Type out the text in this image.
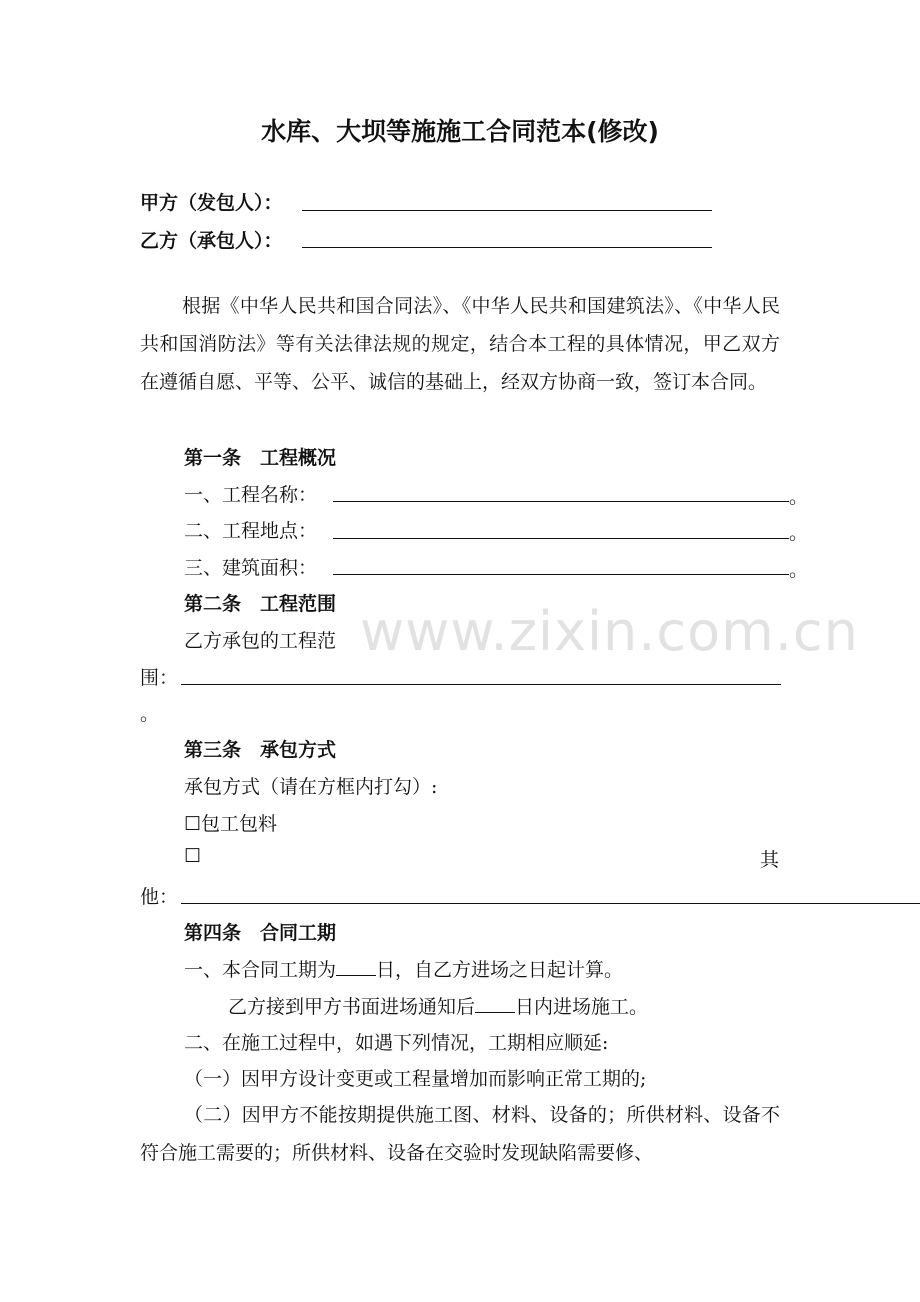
www.zixin.com.cn
水库、大坝等施施工合同范本(修改)
甲方（发包人）：
乙方（承包人）：
根据《中华人民共和国合同法》、《中华人民共和国建筑法》、《中华人民共和国消防法》等有关法律法规的规定，结合本工程的具体情况，甲乙双方在遵循自愿、平等、公平、诚信的基础上，经双方协商一致，签订本合同。
第一条　工程概况
一、工程名称：	。
二、工程地点：	。
三、建筑面积：	。
第二条　工程范围
乙方承包的工程范
围：
。
第三条　承包方式
承包方式（请在方框内打勾）:
☐包工包料
☐	其
他：
第四条　合同工期
一、本合同工期为 日，自乙方进场之日起计算。
乙方接到甲方书面进场通知后 日内进场施工。
二、在施工过程中，如遇下列情况，工期相应顺延:
（一）因甲方设计变更或工程量增加而影响正常工期的;
（二）因甲方不能按期提供施工图、材料、设备的；所供材料、设备不符合施工需要的；所供材料、设备在交验时发现缺陷需要修、
